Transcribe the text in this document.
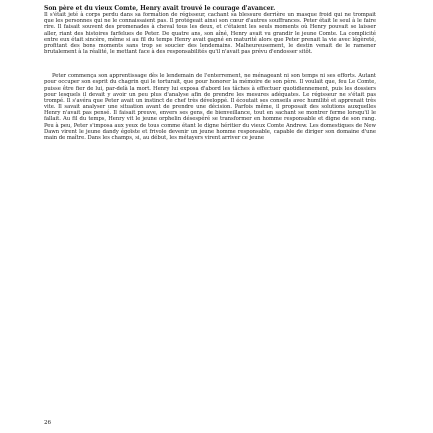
Son père et du vieux Comte, Henry avait trouvé le courage d'avancer.
Il s'était jeté à corps perdu dans sa formation de régisseur, cachant sa blessure derrière un masque froid qui ne trompait que les personnes qui ne le connaissaient pas. Il protégeait ainsi son cœur d'autres souffrances. Peter était le seul à le faire rire. Il faisait souvent des promenades à cheval tous les deux, et c'étaient les seuls moments où Henry pouvait se laisser aller, riant des histoires farfelues de Peter. De quatre ans, son aîné, Henry avait vu grandir le jeune Comte. La complicité entre eux était sincère, même si au fil du temps Henry avait gagné en maturité alors que Peter prenait la vie avec légèreté, profitant des bons moments sans trop se soucier des lendemains. Malheureusement, le destin venait de le ramener brutalement à la réalité, le mettant face à des responsabilités qu'il n'avait pas prévu d'endosser sitôt.

Peter commença son apprentissage dès le lendemain de l'enterrement, ne ménageant ni son temps ni ses efforts. Autant pour occuper son esprit du chagrin qui le torturait, que pour honorer la mémoire de son père. Il voulait que, feu Le Comte, puisse être fier de lui, par-delà la mort. Henry lui exposa d'abord les tâches à effectuer quotidiennement, puis les dossiers pour lesquels il devait y avoir un peu plus d'analyse afin de prendre les mesures adéquates. Le régisseur ne s'était pas trompé. Il s'avéra que Peter avait un instinct de chef très développé. Il écoutait ses conseils avec humilité et apprenait très vite. Il savait analyser une situation avant de prendre une décision. Parfois même, il proposait des solutions auxquelles Henry n'avait pas pensé. Il faisait preuve, envers ses gens, de bienveillance, tout en sachant se montrer ferme lorsqu'il le fallait. Au fil du temps, Henry vit le jeune orphelin désespéré se transformer en homme responsable et digne de son rang. Peu à peu, Peter s'imposa aux yeux de tous comme étant le digne héritier du vieux Comte Andrew. Les domestiques de New Dawn virent le jeune dandy égoïste et frivole devenir un jeune homme responsable, capable de diriger son domaine d'une main de maître. Dans les champs, si, au début, les métayers virent arriver ce jeune

26
